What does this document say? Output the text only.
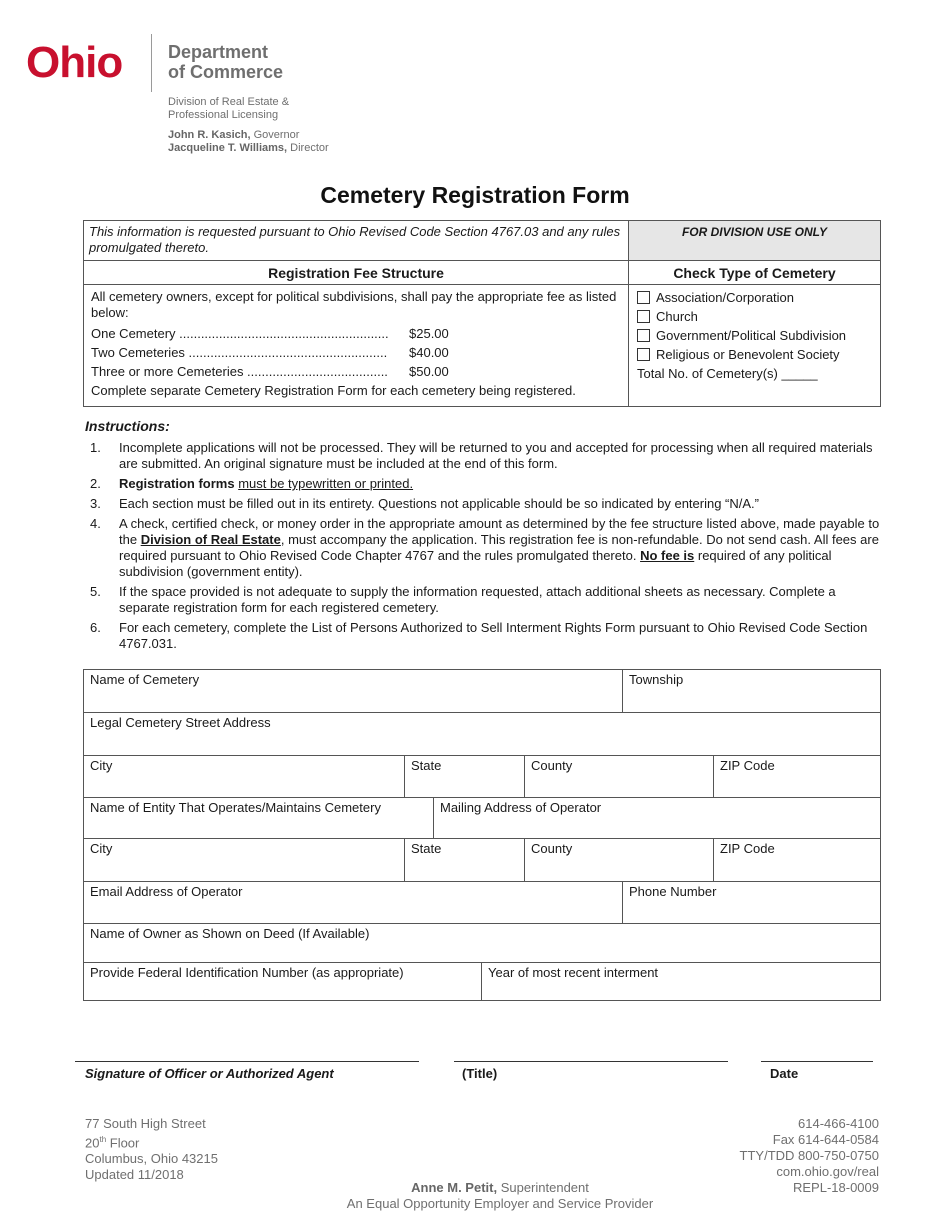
Ohio	Department
of Commerce
Division of Real Estate &
Professional Licensing
John R. Kasich, Governor
Jacqueline T. Williams, Director
Cemetery Registration Form
This information is requested pursuant to Ohio Revised Code Section 4767.03 and any rules promulgated thereto.
FOR DIVISION USE ONLY
Registration Fee Structure	Check Type of Cemetery
All cemetery owners, except for political subdivisions, shall pay the appropriate fee as listed below:
One Cemetery ..........................................................	$25.00
Two Cemeteries .......................................................	$40.00
Three or more Cemeteries .......................................	$50.00
Complete separate Cemetery Registration Form for each cemetery being registered.
Association/Corporation
Church
Government/Political Subdivision
Religious or Benevolent Society
Total No. of Cemetery(s) _____
Instructions:
1.	Incomplete applications will not be processed. They will be returned to you and accepted for processing when all required materials are submitted. An original signature must be included at the end of this form.
2.	Registration forms must be typewritten or printed.
3.	Each section must be filled out in its entirety. Questions not applicable should be so indicated by entering “N/A.”
4.	A check, certified check, or money order in the appropriate amount as determined by the fee structure listed above, made payable to the Division of Real Estate, must accompany the application. This registration fee is non-refundable. Do not send cash. All fees are required pursuant to Ohio Revised Code Chapter 4767 and the rules promulgated thereto. No fee is required of any political subdivision (government entity).
5.	If the space provided is not adequate to supply the information requested, attach additional sheets as necessary. Complete a separate registration form for each registered cemetery.
6.	For each cemetery, complete the List of Persons Authorized to Sell Interment Rights Form pursuant to Ohio Revised Code Section 4767.031.
Name of Cemetery	Township
Legal Cemetery Street Address
City	State	County	ZIP Code
Name of Entity That Operates/Maintains Cemetery	Mailing Address of Operator
City	State	County	ZIP Code
Email Address of Operator	Phone Number
Name of Owner as Shown on Deed (If Available)
Provide Federal Identification Number (as appropriate)	Year of most recent interment
Signature of Officer or Authorized Agent	(Title)	Date
77 South High Street
20th Floor
Columbus, Ohio 43215
Updated 11/2018
614-466-4100
Fax 614-644-0584
TTY/TDD 800-750-0750
com.ohio.gov/real
REPL-18-0009
Anne M. Petit, Superintendent
An Equal Opportunity Employer and Service Provider
